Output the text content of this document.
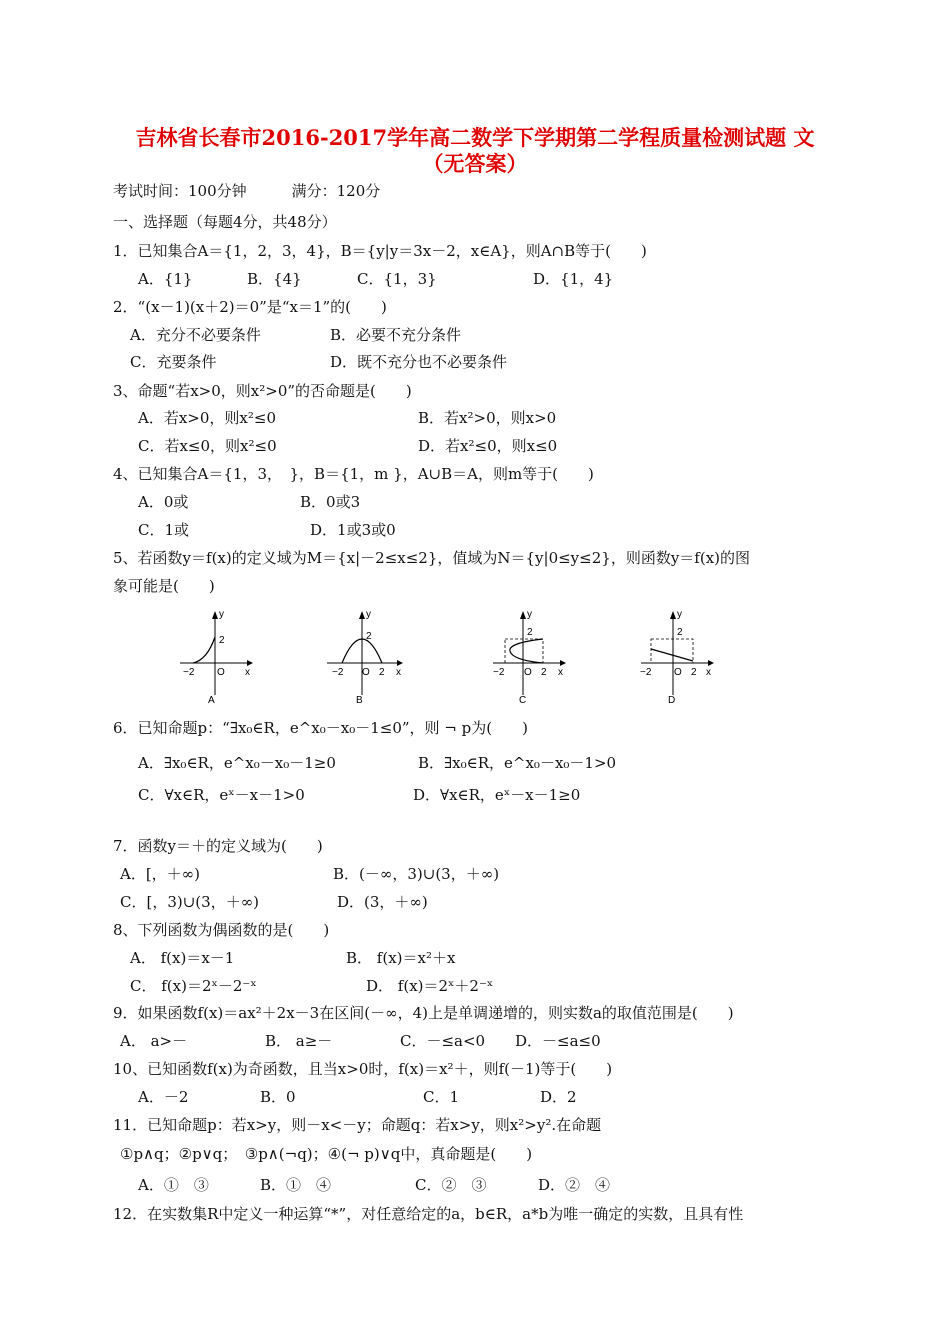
吉林省长春市2016-2017学年高二数学下学期第二学程质量检测试题 文
（无答案）
考试时间：100分钟　　　满分：120分
一、选择题（每题4分，共48分）
1．已知集合A＝{1，2，3，4}，B＝{y|y＝3x－2，x∈A}，则A∩B等于(　　)
A．{1}	B．{4}	C．{1，3}	D．{1，4}
2．“(x－1)(x＋2)＝0”是“x＝1”的(　　)
A．充分不必要条件	B．必要不充分条件
C．充要条件	D．既不充分也不必要条件
3、命题“若x>0，则x²>0”的否命题是(　　)
A．若x>0，则x²≤0	B．若x²>0，则x>0
C．若x≤0，则x²≤0	D．若x²≤0，则x≤0
4、已知集合A＝{1，3，　}，B＝{1，m }，A∪B＝A，则m等于(　　)
A．0或	B．0或3
C．1或	D．1或3或0
5、若函数y＝f(x)的定义域为M＝{x|－2≤x≤2}，值域为N＝{y|0≤y≤2}，则函数y＝f(x)的图
象可能是(　　)
y
x
2
−2 O
A
y
x
2
−2 O 2
B
y
x
2
−2 O 2
C
y
x
2
−2 O 2
D
6．已知命题p：“∃x₀∈R，e^x₀－x₀－1≤0”，则 ¬ p为(　　)
A．∃x₀∈R，e^x₀－x₀－1≥0	B．∃x₀∈R，e^x₀－x₀－1>0
C．∀x∈R，eˣ－x－1>0	D．∀x∈R，eˣ－x－1≥0
7．函数y＝＋的定义域为(　　)
A．[，＋∞)	B．(－∞，3)∪(3，＋∞)
C．[，3)∪(3，＋∞)	D．(3，＋∞)
8、下列函数为偶函数的是(　　)
A． f(x)＝x－1	B． f(x)＝x²＋x
C． f(x)＝2ˣ－2⁻ˣ	D． f(x)＝2ˣ＋2⁻ˣ
9．如果函数f(x)＝ax²＋2x－3在区间(－∞，4)上是单调递增的，则实数a的取值范围是(　　)
A． a>－	B． a≥－	C．－≤a<0 D．－≤a≤0
10、已知函数f(x)为奇函数，且当x>0时，f(x)＝x²＋，则f(－1)等于(　　)
A．－2	B．0	C．1	D．2
11．已知命题p：若x>y，则－x<－y；命题q：若x>y，则x²>y².在命题
①p∧q；②p∨q；　③p∧(¬q)；④(¬ p)∨q中，真命题是(　　)
A．①　③	B．①　④	C．②　③	D．②　④
12．在实数集R中定义一种运算“*”，对任意给定的a，b∈R，a*b为唯一确定的实数，且具有性
